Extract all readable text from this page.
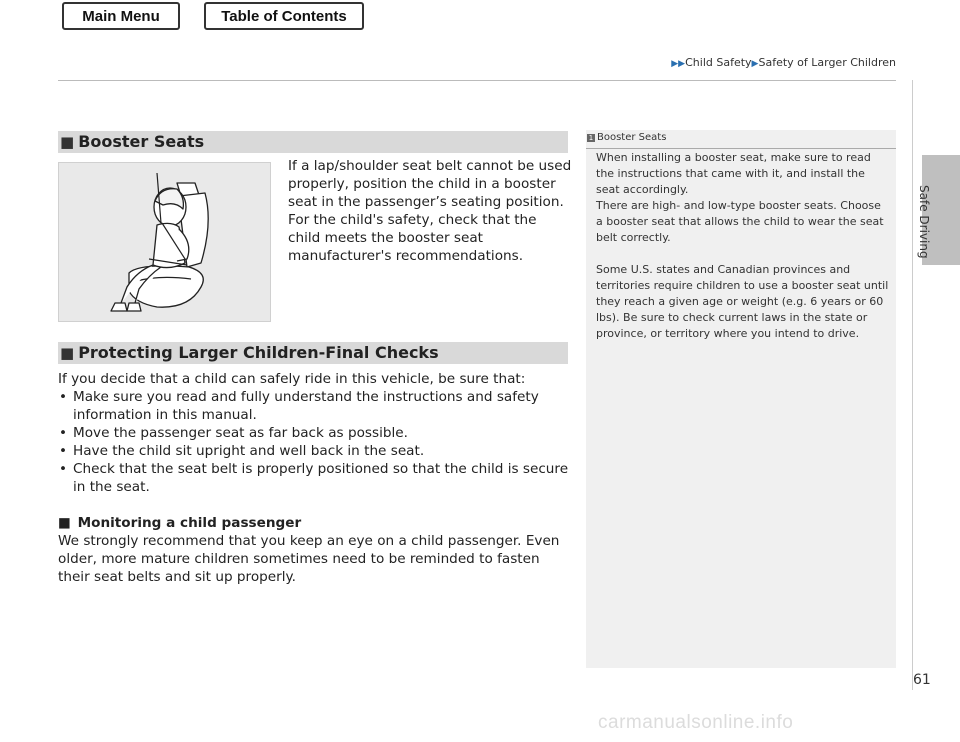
Main Menu	Table of Contents
▶▶Child Safety▶Safety of Larger Children
Safe Driving
■ Booster Seats

If a lap/shoulder seat belt cannot be used properly, position the child in a booster seat in the passenger’s seating position. For the child's safety, check that the child meets the booster seat manufacturer's recommendations.

■ Protecting Larger Children-Final Checks

If you decide that a child can safely ride in this vehicle, be sure that:

• Make sure you read and fully understand the instructions and safety information in this manual.
• Move the passenger seat as far back as possible.
• Have the child sit upright and well back in the seat.
• Check that the seat belt is properly positioned so that the child is secure in the seat.

■ Monitoring a child passenger

We strongly recommend that you keep an eye on a child passenger. Even older, more mature children sometimes need to be reminded to fasten their seat belts and sit up properly.

1 Booster Seats

When installing a booster seat, make sure to read the instructions that came with it, and install the seat accordingly.

There are high- and low-type booster seats. Choose a booster seat that allows the child to wear the seat belt correctly.

Some U.S. states and Canadian provinces and territories require children to use a booster seat until they reach a given age or weight (e.g. 6 years or 60 lbs). Be sure to check current laws in the state or province, or territory where you intend to drive.

61
carmanualsonline.info
